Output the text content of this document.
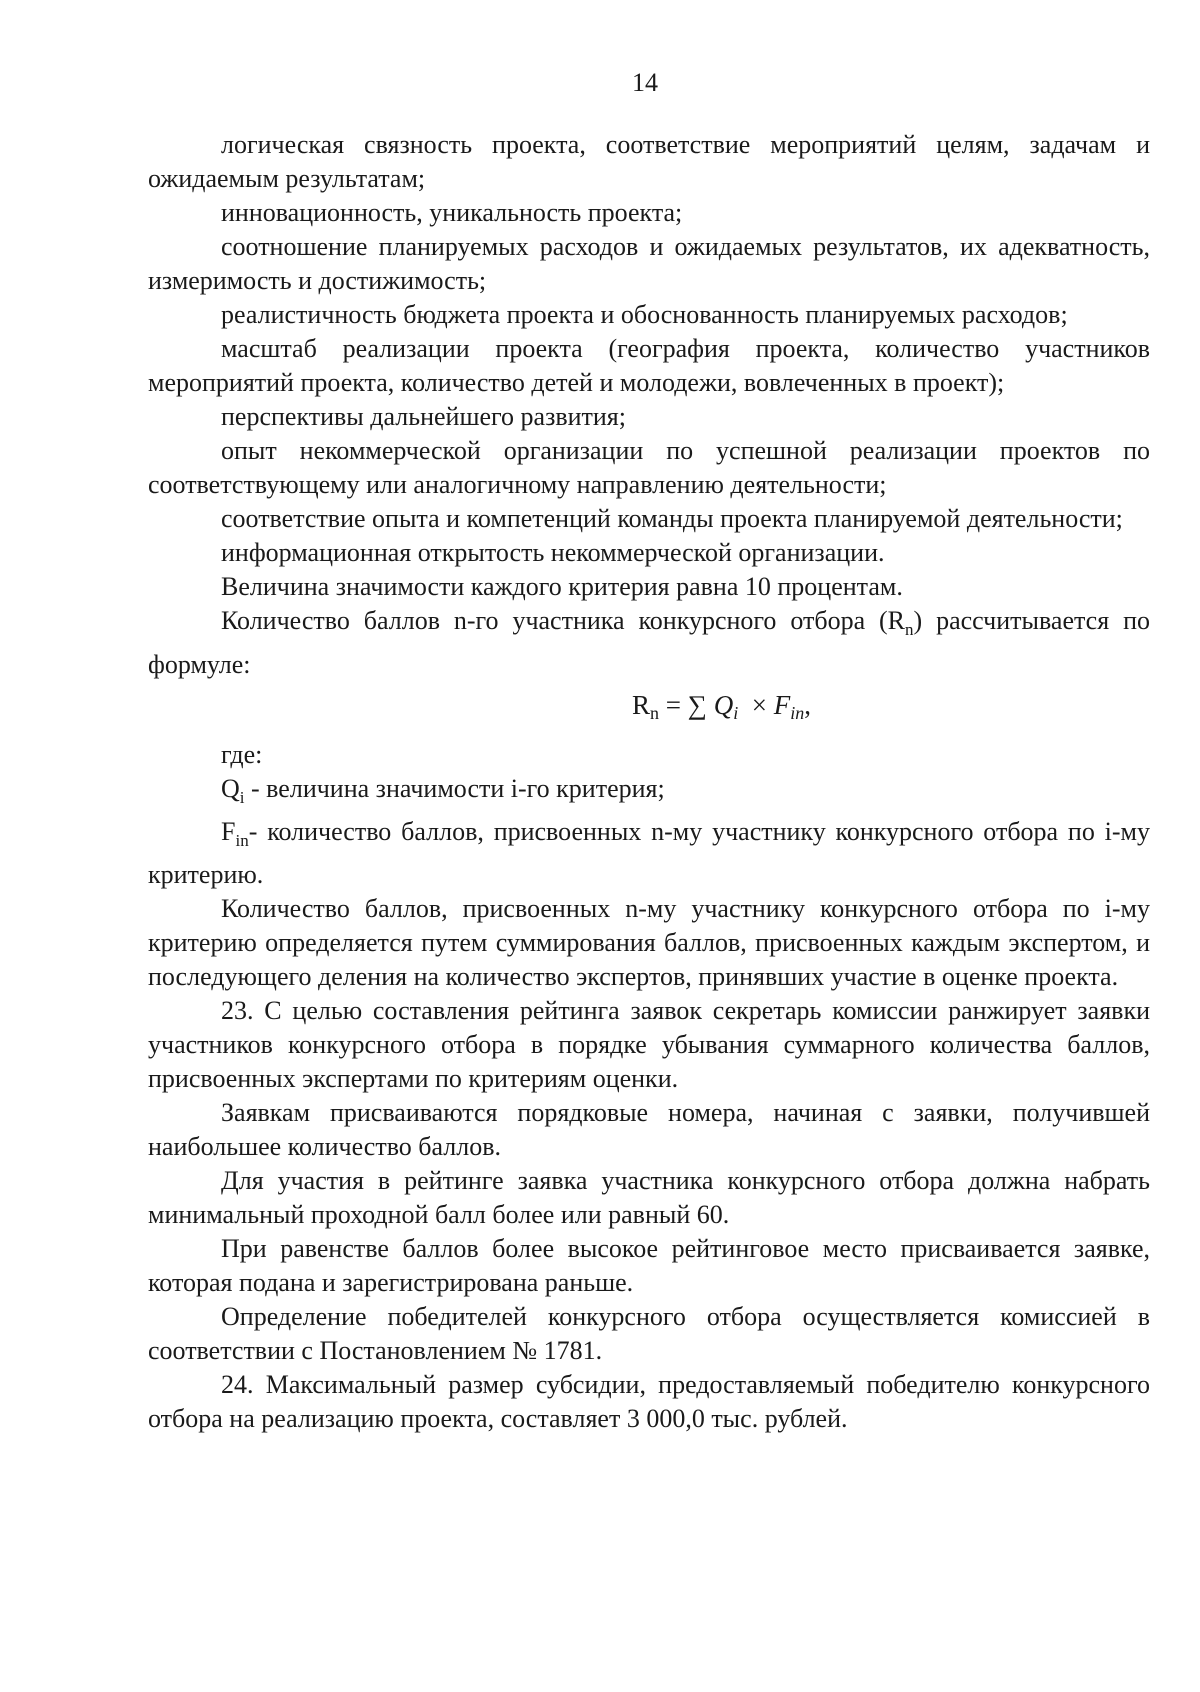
14

логическая связность проекта, соответствие мероприятий целям, задачам и ожидаемым результатам;

инновационность, уникальность проекта;

соотношение планируемых расходов и ожидаемых результатов, их адекватность, измеримость и достижимость;

реалистичность бюджета проекта и обоснованность планируемых расходов;

масштаб реализации проекта (география проекта, количество участников мероприятий проекта, количество детей и молодежи, вовлеченных в проект);

перспективы дальнейшего развития;

опыт некоммерческой организации по успешной реализации проектов по соответствующему или аналогичному направлению деятельности;

соответствие опыта и компетенций команды проекта планируемой деятельности;

информационная открытость некоммерческой организации.

Величина значимости каждого критерия равна 10 процентам.

Количество баллов n-го участника конкурсного отбора $(R_n)$ рассчитывается по формуле:

$R_n$ = ∑ $Q_i \times F_{in}$,

где:

$Q_i$ - величина значимости i-го критерия;

$F_{in}-$ количество баллов, присвоенных n-му участнику конкурсного отбора по i-му критерию.

Количество баллов, присвоенных n-му участнику конкурсного отбора по i-му критерию определяется путем суммирования баллов, присвоенных каждым экспертом, и последующего деления на количество экспертов, принявших участие в оценке проекта.

23. С целью составления рейтинга заявок секретарь комиссии ранжирует заявки участников конкурсного отбора в порядке убывания суммарного количества баллов, присвоенных экспертами по критериям оценки.

Заявкам присваиваются порядковые номера, начиная с заявки, получившей наибольшее количество баллов.

Для участия в рейтинге заявка участника конкурсного отбора должна набрать минимальный проходной балл более или равный 60.

При равенстве баллов более высокое рейтинговое место присваивается заявке, которая подана и зарегистрирована раньше.

Определение победителей конкурсного отбора осуществляется комиссией в соответствии с Постановлением № 1781.

24. Максимальный размер субсидии, предоставляемый победителю конкурсного отбора на реализацию проекта, составляет 3 000,0 тыс. рублей.
